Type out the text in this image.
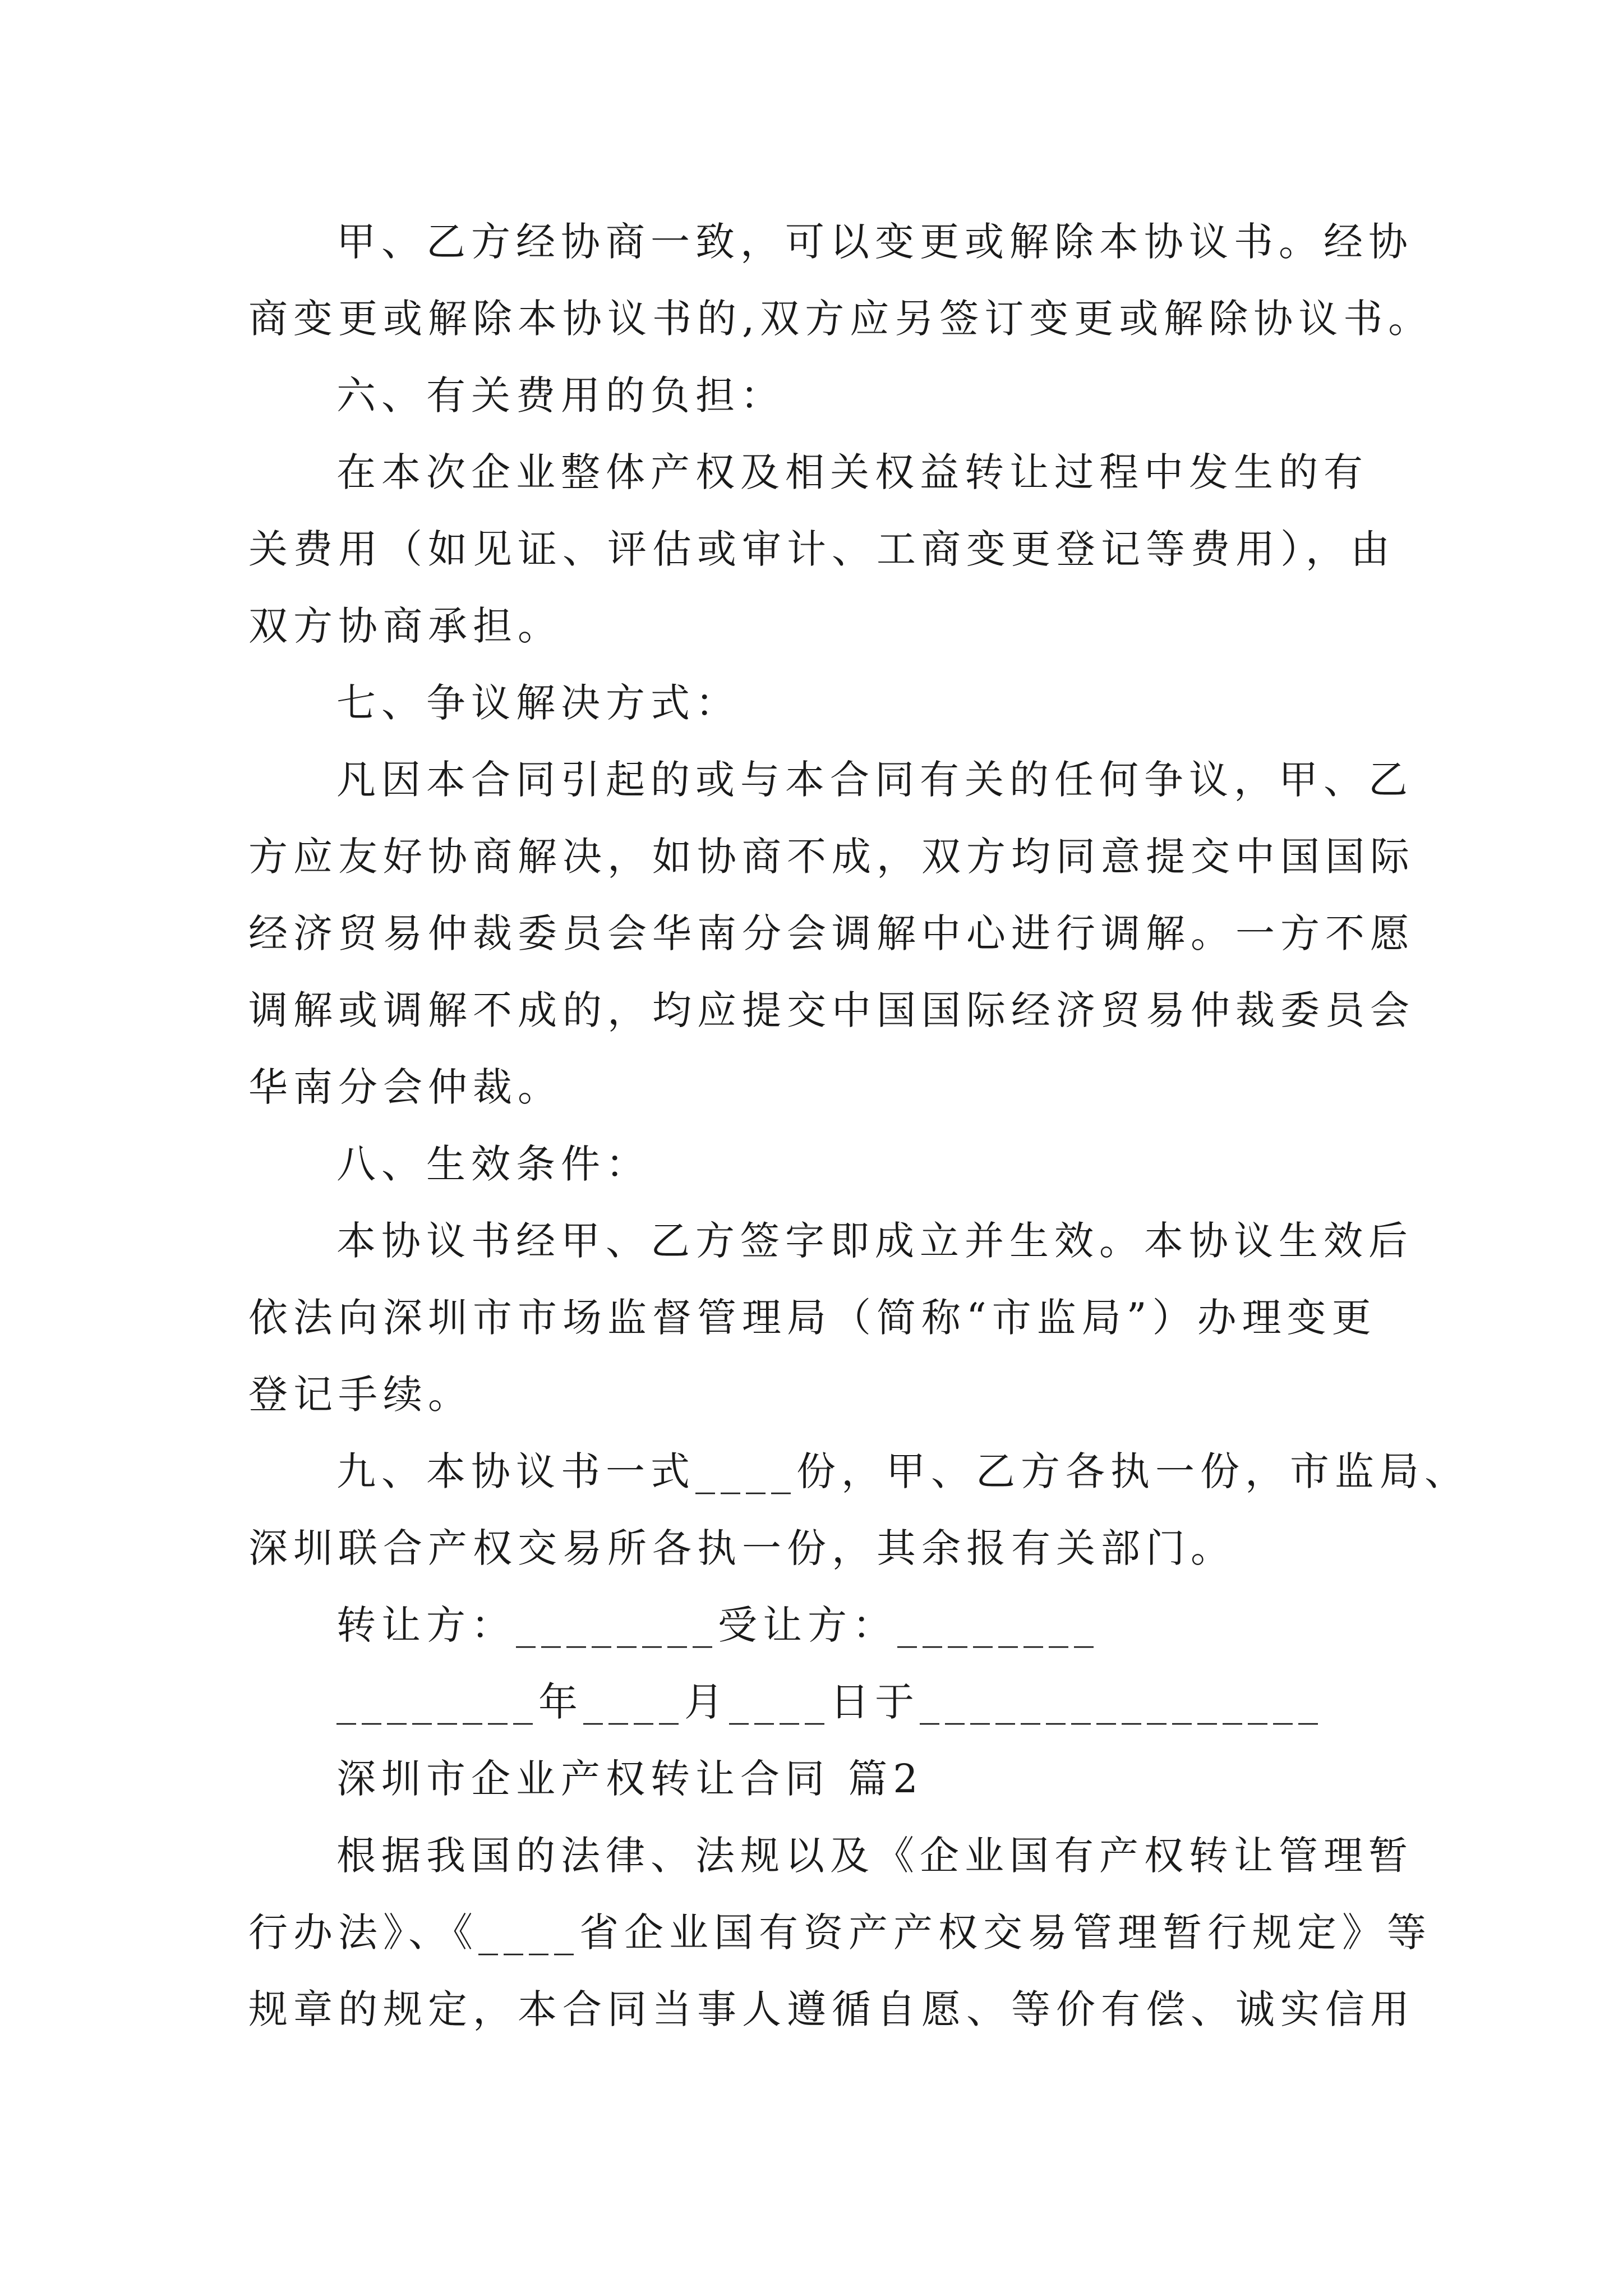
甲、乙方经协商一致，可以变更或解除本协议书。经协
商变更或解除本协议书的,双方应另签订变更或解除协议书。
六、有关费用的负担：
在本次企业整体产权及相关权益转让过程中发生的有
关费用（如见证、评估或审计、工商变更登记等费用），由
双方协商承担。
七、争议解决方式：
凡因本合同引起的或与本合同有关的任何争议，甲、乙
方应友好协商解决，如协商不成，双方均同意提交中国国际
经济贸易仲裁委员会华南分会调解中心进行调解。一方不愿
调解或调解不成的，均应提交中国国际经济贸易仲裁委员会
华南分会仲裁。
八、生效条件：
本协议书经甲、乙方签字即成立并生效。本协议生效后
依法向深圳市市场监督管理局（简称“市监局”）办理变更
登记手续。
九、本协议书一式____份，甲、乙方各执一份，市监局、
深圳联合产权交易所各执一份，其余报有关部门。
转让方：________受让方：________
________年____月____日于________________
深圳市企业产权转让合同 篇2
根据我国的法律、法规以及《企业国有产权转让管理暂
行办法》、《____省企业国有资产产权交易管理暂行规定》等
规章的规定，本合同当事人遵循自愿、等价有偿、诚实信用
